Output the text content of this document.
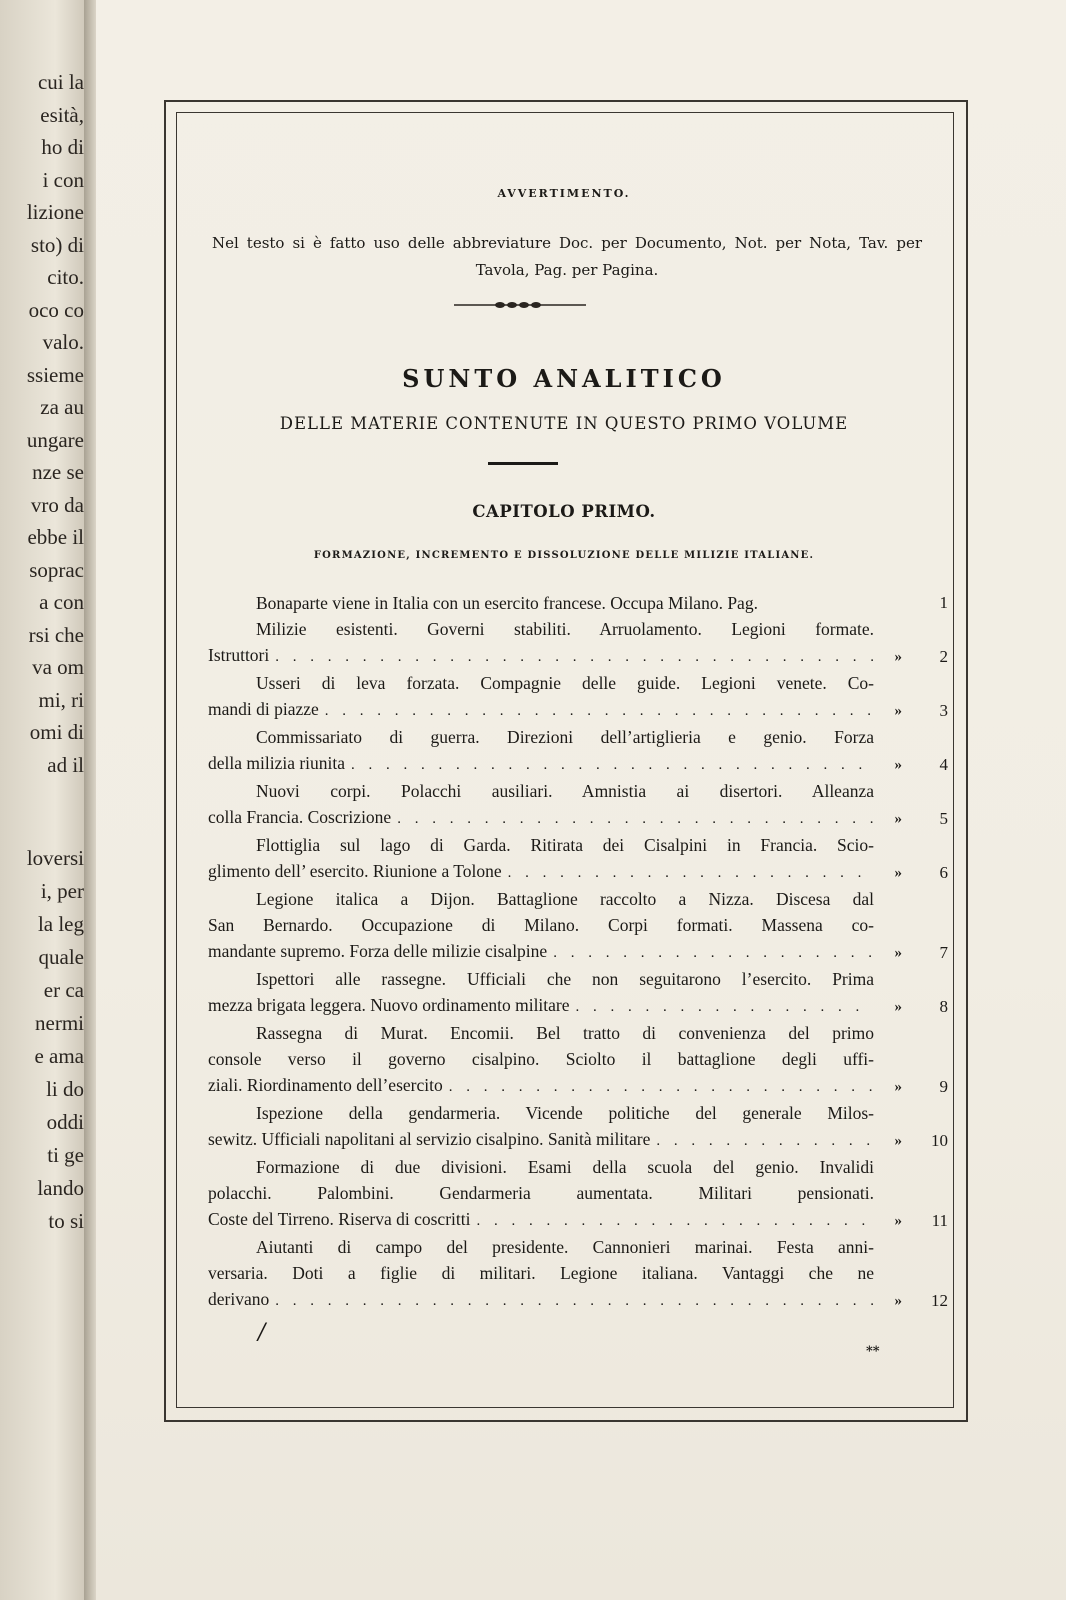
cui la
esità,
ho di
i con
lizione
sto) di
cito.
oco co
valo.
ssieme
za au
ungare
nze se
vro da
ebbe il
soprac
a con
rsi che
va om
mi, ri
omi di
ad il
loversi
i, per
la leg
quale
er ca
nermi
e ama
li do
oddi
ti ge
lando
to si
AVVERTIMENTO.
Nel testo si è fatto uso delle abbreviature Doc. per Documento, Not. per Nota, Tav. per Tavola, Pag. per Pagina.
SUNTO ANALITICO
DELLE MATERIE CONTENUTE IN QUESTO PRIMO VOLUME
CAPITOLO PRIMO.
FORMAZIONE, INCREMENTO E DISSOLUZIONE DELLE MILIZIE ITALIANE.
Bonaparte viene in Italia con un esercito francese. Occupa Milano. Pag.	1
Milizie esistenti. Governi stabiliti. Arruolamento. Legioni formate.
Istruttori . . .	»	2
Usseri di leva forzata. Compagnie delle guide. Legioni venete. Co-
mandi di piazze . . .	»	3
Commissariato di guerra. Direzioni dell’artiglieria e genio. Forza
della milizia riunita . . .	»	4
Nuovi corpi. Polacchi ausiliari. Amnistia ai disertori. Alleanza
colla Francia. Coscrizione . . .	»	5
Flottiglia sul lago di Garda. Ritirata dei Cisalpini in Francia. Scio-
glimento dell’ esercito. Riunione a Tolone . . .	»	6
Legione italica a Dijon. Battaglione raccolto a Nizza. Discesa dal
San Bernardo. Occupazione di Milano. Corpi formati. Massena co-
mandante supremo. Forza delle milizie cisalpine . . .	»	7
Ispettori alle rassegne. Ufficiali che non seguitarono l’esercito. Prima
mezza brigata leggera. Nuovo ordinamento militare . . .	»	8
Rassegna di Murat. Encomii. Bel tratto di convenienza del primo
console verso il governo cisalpino. Sciolto il battaglione degli uffi-
ziali. Riordinamento dell’esercito . . .	»	9
Ispezione della gendarmeria. Vicende politiche del generale Milos-
sewitz. Ufficiali napolitani al servizio cisalpino. Sanità militare . . .	»	10
Formazione di due divisioni. Esami della scuola del genio. Invalidi
polacchi. Palombini. Gendarmeria aumentata. Militari pensionati.
Coste del Tirreno. Riserva di coscritti . . .	»	11
Aiutanti di campo del presidente. Cannonieri marinai. Festa anni-
versaria. Doti a figlie di militari. Legione italiana. Vantaggi che ne
derivano . . .	»	12
/
**
